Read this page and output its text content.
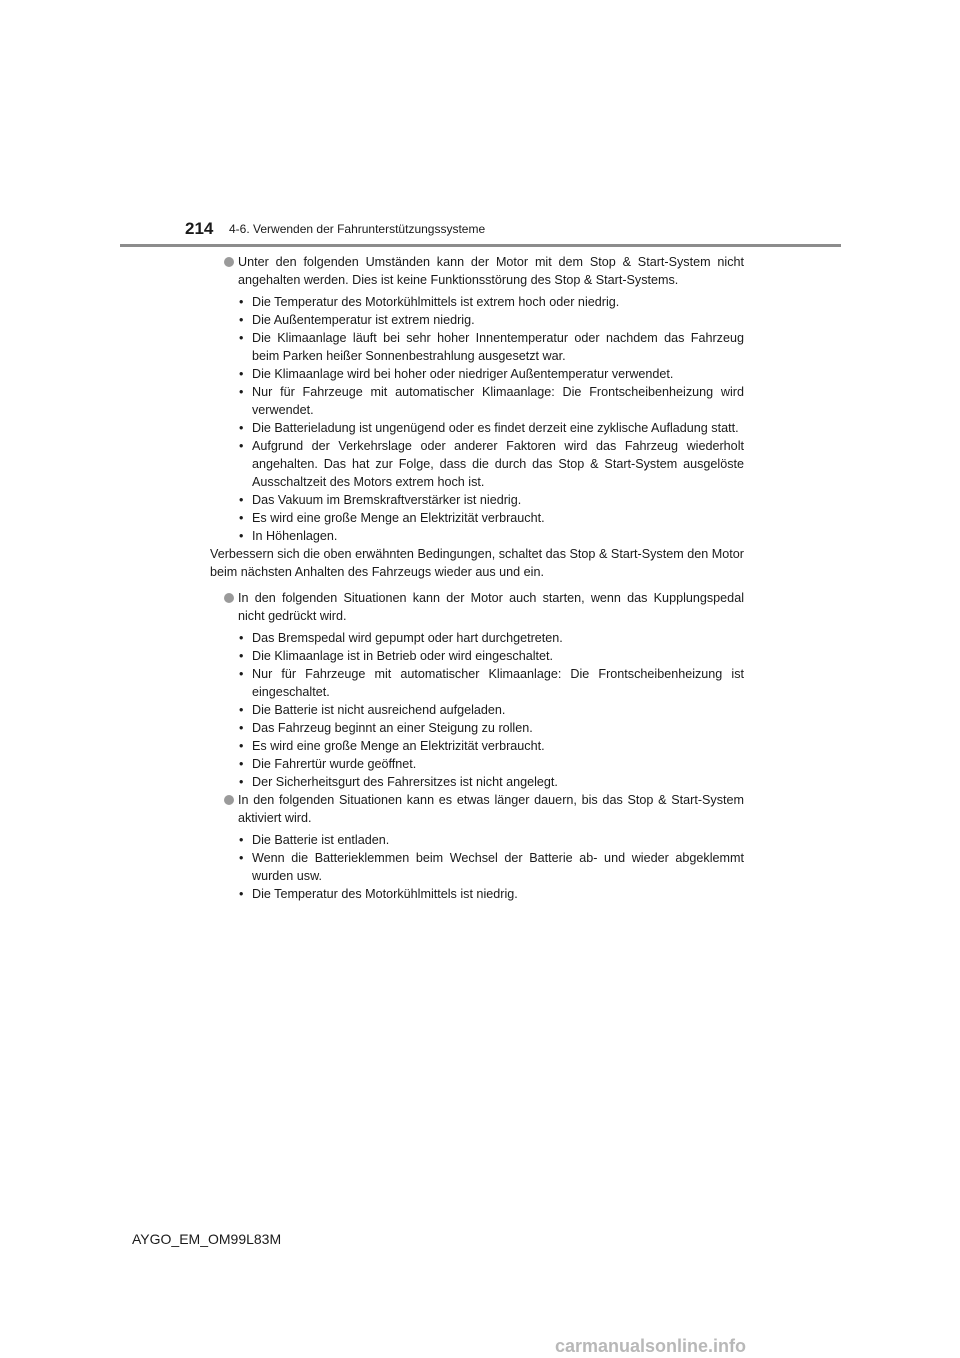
214 4-6. Verwenden der Fahrunterstützungssysteme
Unter den folgenden Umständen kann der Motor mit dem Stop & Start-System nicht angehalten werden. Dies ist keine Funktionsstörung des Stop & Start-Systems.
• Die Temperatur des Motorkühlmittels ist extrem hoch oder niedrig.
• Die Außentemperatur ist extrem niedrig.
• Die Klimaanlage läuft bei sehr hoher Innentemperatur oder nachdem das Fahrzeug beim Parken heißer Sonnenbestrahlung ausgesetzt war.
• Die Klimaanlage wird bei hoher oder niedriger Außentemperatur verwendet.
• Nur für Fahrzeuge mit automatischer Klimaanlage: Die Frontscheibenheizung wird verwendet.
• Die Batterieladung ist ungenügend oder es findet derzeit eine zyklische Aufladung statt.
• Aufgrund der Verkehrslage oder anderer Faktoren wird das Fahrzeug wiederholt angehalten. Das hat zur Folge, dass die durch das Stop & Start-System ausgelöste Ausschaltzeit des Motors extrem hoch ist.
• Das Vakuum im Bremskraftverstärker ist niedrig.
• Es wird eine große Menge an Elektrizität verbraucht.
• In Höhenlagen.
Verbessern sich die oben erwähnten Bedingungen, schaltet das Stop & Start-System den Motor beim nächsten Anhalten des Fahrzeugs wieder aus und ein.
In den folgenden Situationen kann der Motor auch starten, wenn das Kupplungspedal nicht gedrückt wird.
• Das Bremspedal wird gepumpt oder hart durchgetreten.
• Die Klimaanlage ist in Betrieb oder wird eingeschaltet.
• Nur für Fahrzeuge mit automatischer Klimaanlage: Die Frontscheibenheizung ist eingeschaltet.
• Die Batterie ist nicht ausreichend aufgeladen.
• Das Fahrzeug beginnt an einer Steigung zu rollen.
• Es wird eine große Menge an Elektrizität verbraucht.
• Die Fahrertür wurde geöffnet.
• Der Sicherheitsgurt des Fahrersitzes ist nicht angelegt.
In den folgenden Situationen kann es etwas länger dauern, bis das Stop & Start-System aktiviert wird.
• Die Batterie ist entladen.
• Wenn die Batterieklemmen beim Wechsel der Batterie ab- und wieder abgeklemmt wurden usw.
• Die Temperatur des Motorkühlmittels ist niedrig.
AYGO_EM_OM99L83M
carmanualsonline.info
